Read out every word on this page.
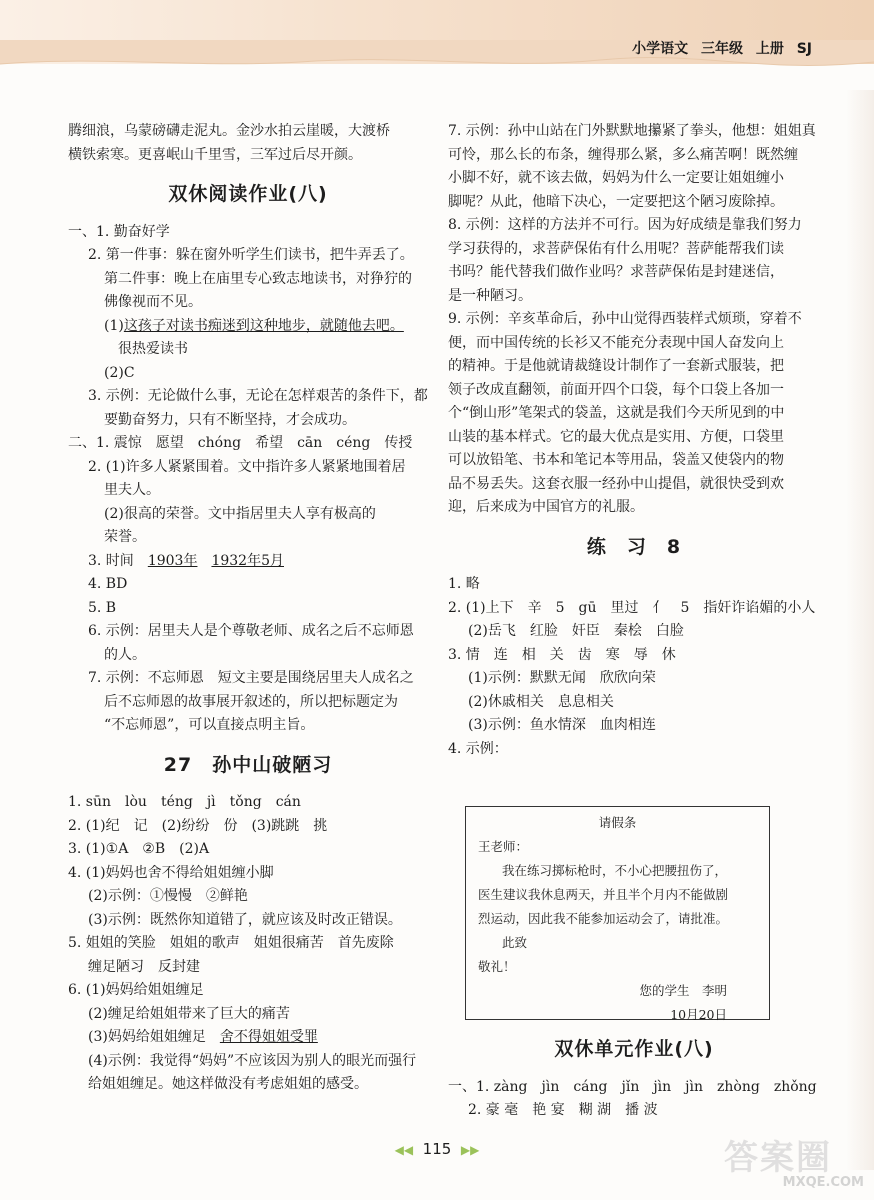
小学语文 三年级 上册 SJ

腾细浪，乌蒙磅礴走泥丸。金沙水拍云崖暖，大渡桥

横铁索寒。更喜岷山千里雪，三军过后尽开颜。

双休阅读作业(八)

一、1. 勤奋好学

2. 第一件事：躲在窗外听学生们读书，把牛弄丢了。

第二件事：晚上在庙里专心致志地读书，对狰狞的

佛像视而不见。

(1)这孩子对读书痴迷到这种地步，就随他去吧。

很热爱读书

(2)C

3. 示例：无论做什么事，无论在怎样艰苦的条件下，都

要勤奋努力，只有不断坚持，才会成功。

二、1. 震惊　愿望　chóng　希望　cān　céng　传授

2. (1)许多人紧紧围着。文中指许多人紧紧地围着居

里夫人。

(2)很高的荣誉。文中指居里夫人享有极高的

荣誉。

3. 时间　1903年　 1932年5月

4. BD

5. B

6. 示例：居里夫人是个尊敬老师、成名之后不忘师恩

的人。

7. 示例：不忘师恩　短文主要是围绕居里夫人成名之

后不忘师恩的故事展开叙述的，所以把标题定为

“不忘师恩”，可以直接点明主旨。

27　孙中山破陋习

1. sūn　lòu　téng　jì　tǒng　cán

2. (1)纪　记　(2)纷纷　份　(3)跳跳　挑

3. (1)①A　②B　(2)A

4. (1)妈妈也舍不得给姐姐缠小脚

(2)示例：①慢慢　②鲜艳

(3)示例：既然你知道错了，就应该及时改正错误。

5. 姐姐的笑脸　姐姐的歌声　姐姐很痛苦　首先废除

缠足陋习　反封建

6. (1)妈妈给姐姐缠足

(2)缠足给姐姐带来了巨大的痛苦

(3)妈妈给姐姐缠足　舍不得姐姐受罪

(4)示例：我觉得“妈妈”不应该因为别人的眼光而强行

给姐姐缠足。她这样做没有考虑姐姐的感受。

7. 示例：孙中山站在门外默默地攥紧了拳头，他想：姐姐真

可怜，那么长的布条，缠得那么紧，多么痛苦啊！既然缠

小脚不好，就不该去做，妈妈为什么一定要让姐姐缠小

脚呢？从此，他暗下决心，一定要把这个陋习废除掉。

8. 示例：这样的方法并不可行。因为好成绩是靠我们努力

学习获得的，求菩萨保佑有什么用呢？菩萨能帮我们读

书吗？能代替我们做作业吗？求菩萨保佑是封建迷信，

是一种陋习。

9. 示例：辛亥革命后，孙中山觉得西装样式烦琐，穿着不

便，而中国传统的长衫又不能充分表现中国人奋发向上

的精神。于是他就请裁缝设计制作了一套新式服装，把

领子改成直翻领，前面开四个口袋，每个口袋上各加一

个“倒山形”笔架式的袋盖，这就是我们今天所见到的中

山装的基本样式。它的最大优点是实用、方便，口袋里

可以放铅笔、书本和笔记本等用品，袋盖又使袋内的物

品不易丢失。这套衣服一经孙中山提倡，就很快受到欢

迎，后来成为中国官方的礼服。

练　习　8

1. 略

2. (1)上下　辛　5　gū　里过　亻　5　指奸诈谄媚的小人

(2)岳飞　红脸　奸臣　秦桧　白脸

3. 情　连　相　关　齿　寒　辱　休

(1)示例：默默无闻　欣欣向荣

(2)休戚相关　息息相关

(3)示例：鱼水情深　血肉相连

4. 示例：

请假条

王老师：

我在练习掷标枪时，不小心把腰扭伤了，

医生建议我休息两天，并且半个月内不能做剧

烈运动，因此我不能参加运动会了，请批准。

此致

敬礼！

您的学生　李明

10月20日

双休单元作业(八)

一、1. zàng　jìn　cáng　jǐn　jìn　jìn　zhòng　zhǒng

2. 豪 毫　艳 宴　糊 湖　播 波

◀◀ 115 ▶▶	答案圈
MXQE.COM
